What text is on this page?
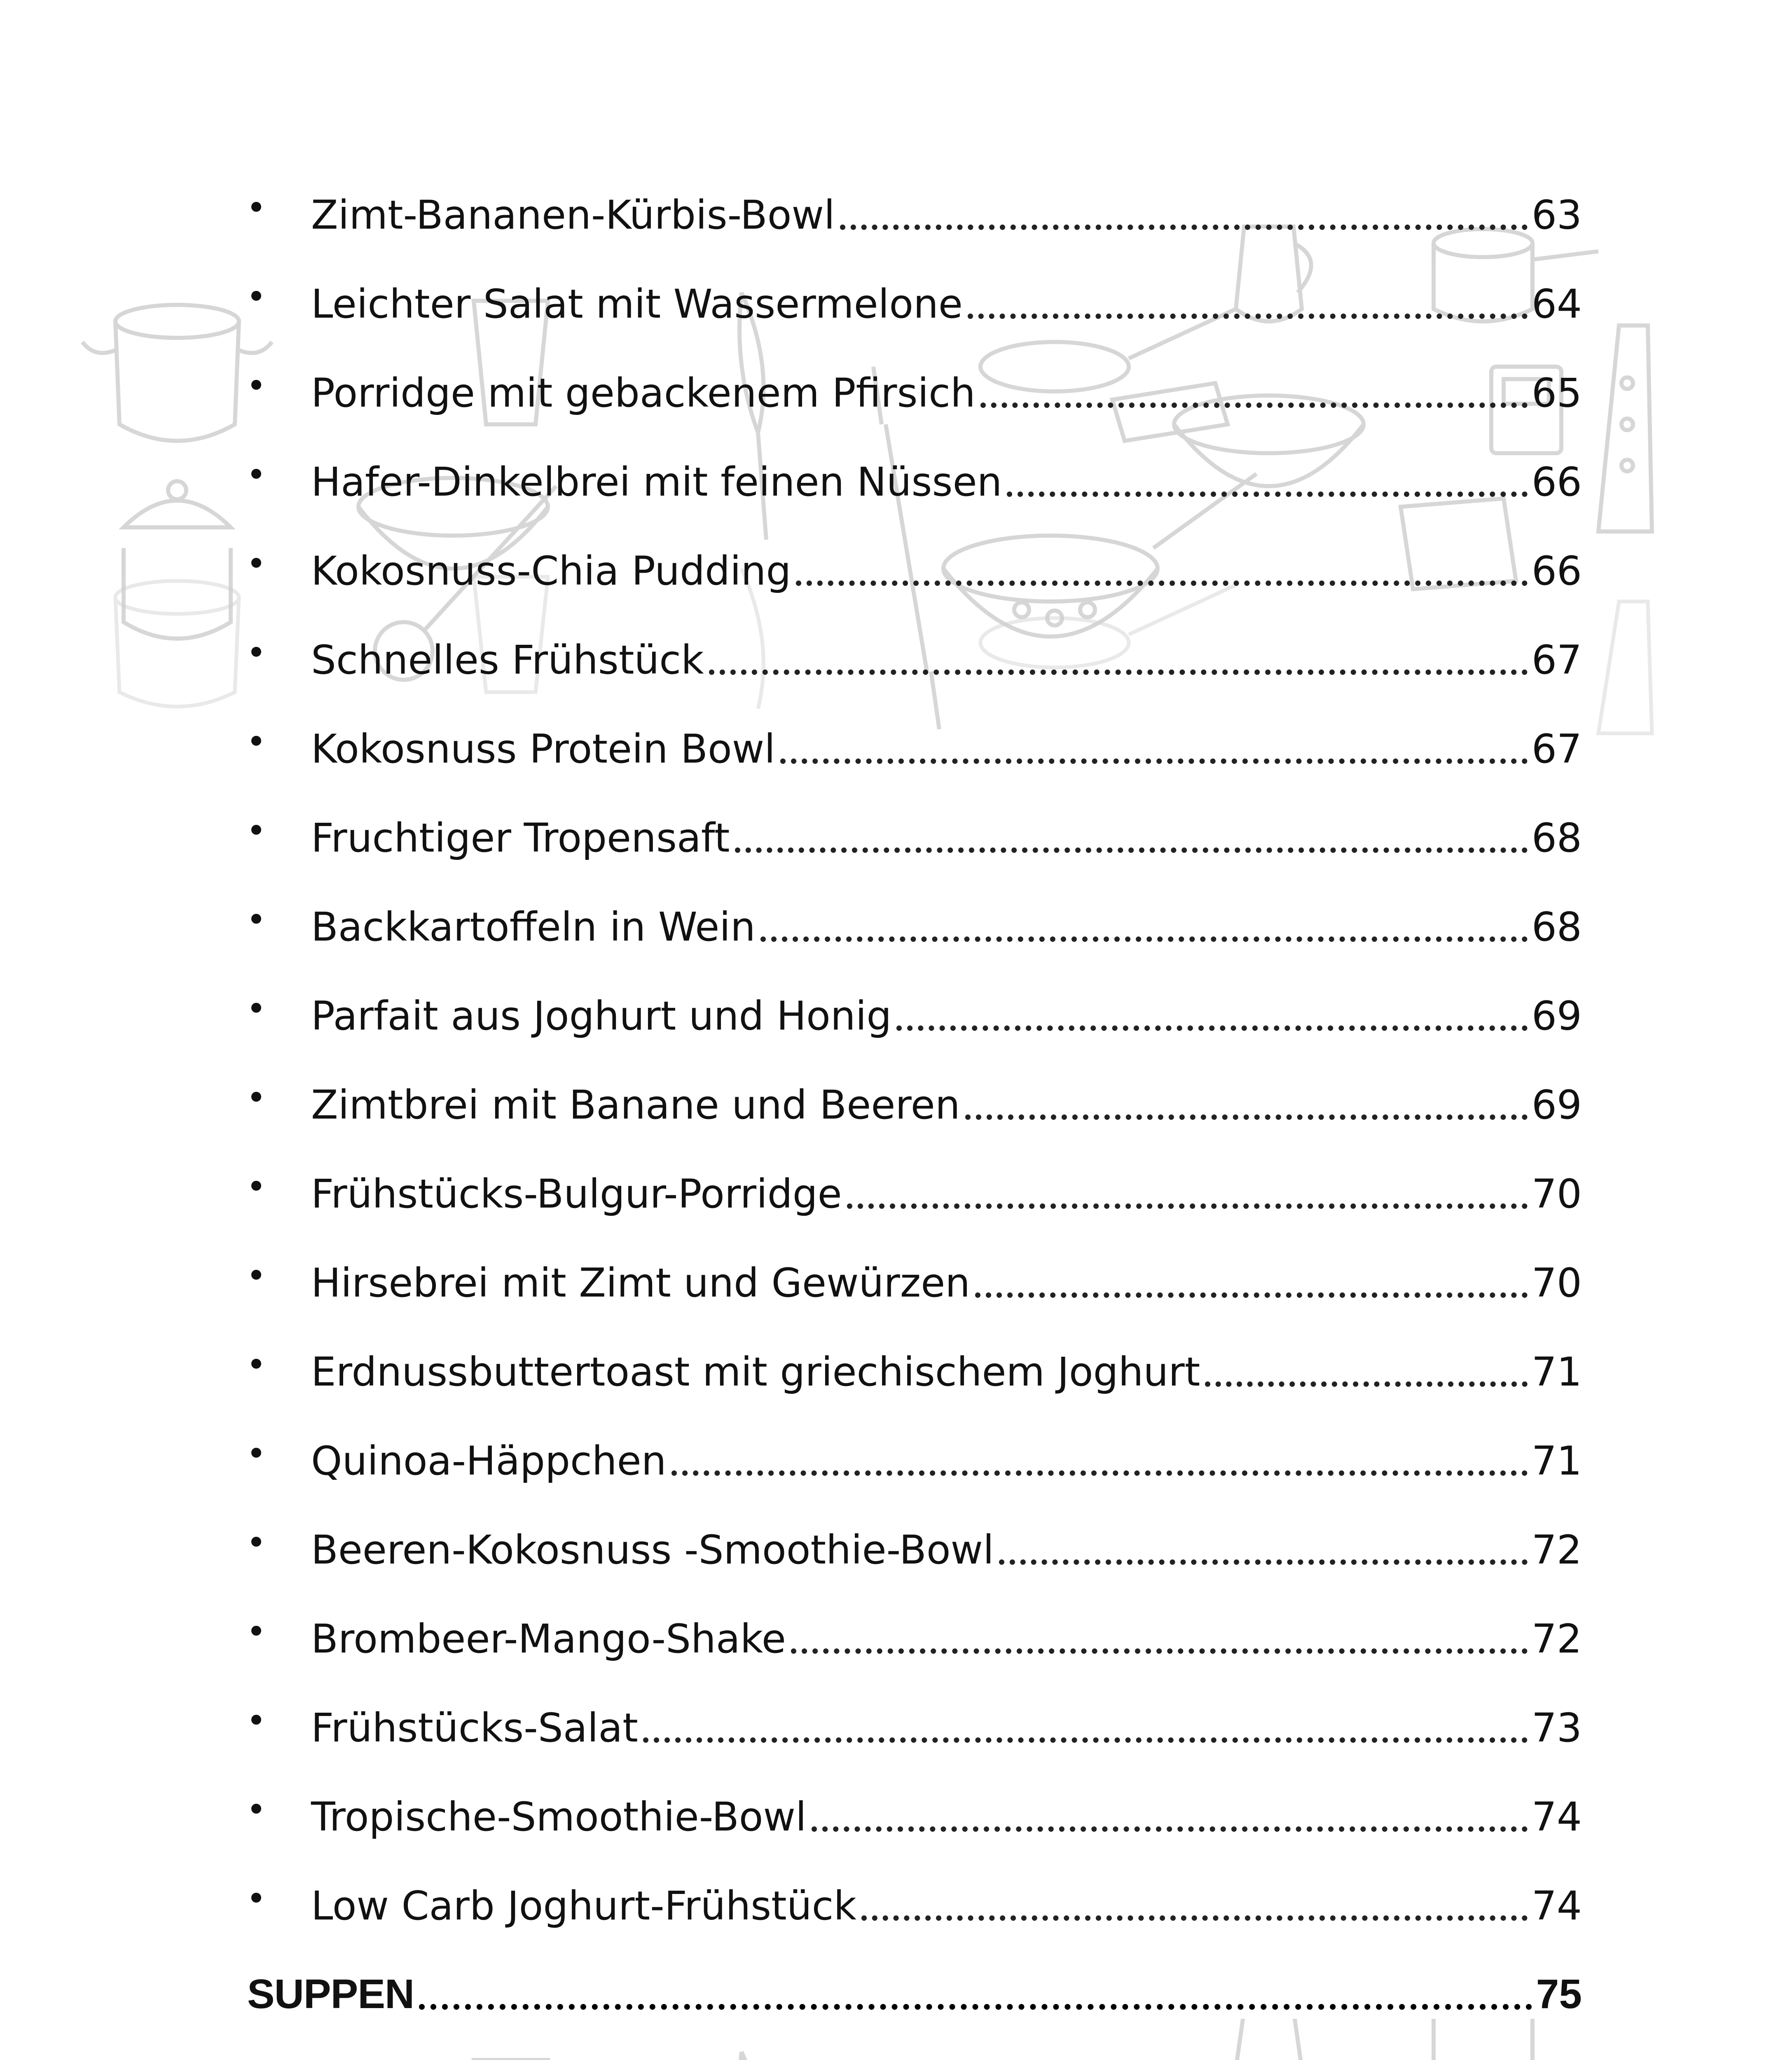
Zimt-Bananen-Kürbis-Bowl	63
Leichter Salat mit Wassermelone	64
Porridge mit gebackenem Pfirsich	65
Hafer-Dinkelbrei mit feinen Nüssen	66
Kokosnuss-Chia Pudding	66
Schnelles Frühstück	67
Kokosnuss Protein Bowl	67
Fruchtiger Tropensaft	68
Backkartoffeln in Wein	68
Parfait aus Joghurt und Honig	69
Zimtbrei mit Banane und Beeren	69
Frühstücks-Bulgur-Porridge	70
Hirsebrei mit Zimt und Gewürzen	70
Erdnussbuttertoast mit griechischem Joghurt	71
Quinoa-Häppchen	71
Beeren-Kokosnuss -Smoothie-Bowl	72
Brombeer-Mango-Shake	72
Frühstücks-Salat	73
Tropische-Smoothie-Bowl	74
Low Carb Joghurt-Frühstück	74
SUPPEN	75
